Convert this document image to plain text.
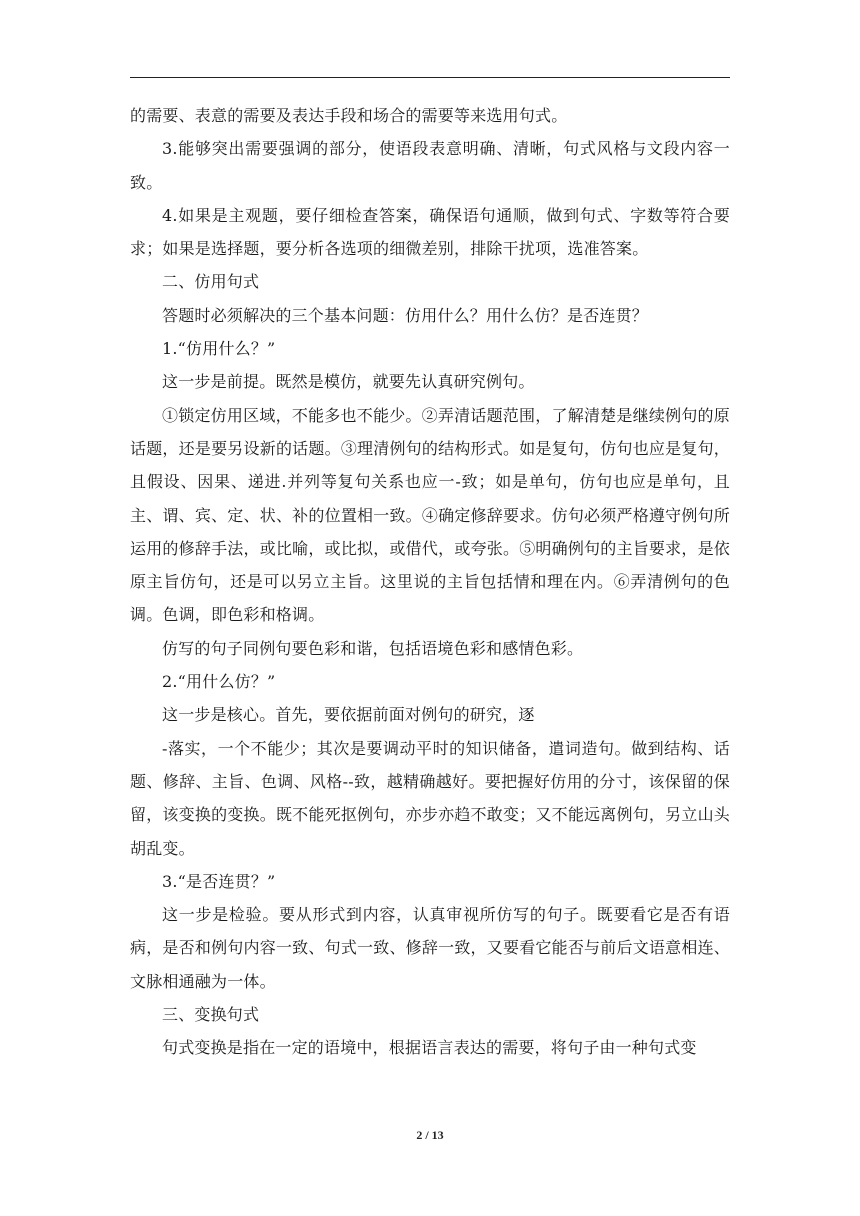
的需要、表意的需要及表达手段和场合的需要等来选用句式。

3.能够突出需要强调的部分，使语段表意明确、清晰，句式风格与文段内容一致。

4.如果是主观题，要仔细检查答案，确保语句通顺，做到句式、字数等符合要求；如果是选择题，要分析各选项的细微差别，排除干扰项，选准答案。

二、仿用句式

答题时必须解决的三个基本问题：仿用什么？用什么仿？是否连贯？

1.“仿用什么？”

这一步是前提。既然是模仿，就要先认真研究例句。

①锁定仿用区域，不能多也不能少。②弄清话题范围，了解清楚是继续例句的原话题，还是要另设新的话题。③理清例句的结构形式。如是复句，仿句也应是复句，且假设、因果、递进.并列等复句关系也应一-致；如是单句，仿句也应是单句，且主、谓、宾、定、状、补的位置相一致。④确定修辞要求。仿句必须严格遵守例句所运用的修辞手法，或比喻，或比拟，或借代，或夸张。⑤明确例句的主旨要求，是依原主旨仿句，还是可以另立主旨。这里说的主旨包括情和理在内。⑥弄清例句的色调。色调，即色彩和格调。

仿写的句子同例句要色彩和谐，包括语境色彩和感情色彩。

2.“用什么仿？”

这一步是核心。首先，要依据前面对例句的研究，逐

-落实，一个不能少；其次是要调动平时的知识储备，遣词造句。做到结构、话题、修辞、主旨、色调、风格--致，越精确越好。要把握好仿用的分寸，该保留的保留，该变换的变换。既不能死抠例句，亦步亦趋不敢变；又不能远离例句，另立山头胡乱变。

3.“是否连贯？”

这一步是检验。要从形式到内容，认真审视所仿写的句子。既要看它是否有语病，是否和例句内容一致、句式一致、修辞一致，又要看它能否与前后文语意相连、文脉相通融为一体。

三、变换句式

句式变换是指在一定的语境中，根据语言表达的需要，将句子由一种句式变

2 / 13
